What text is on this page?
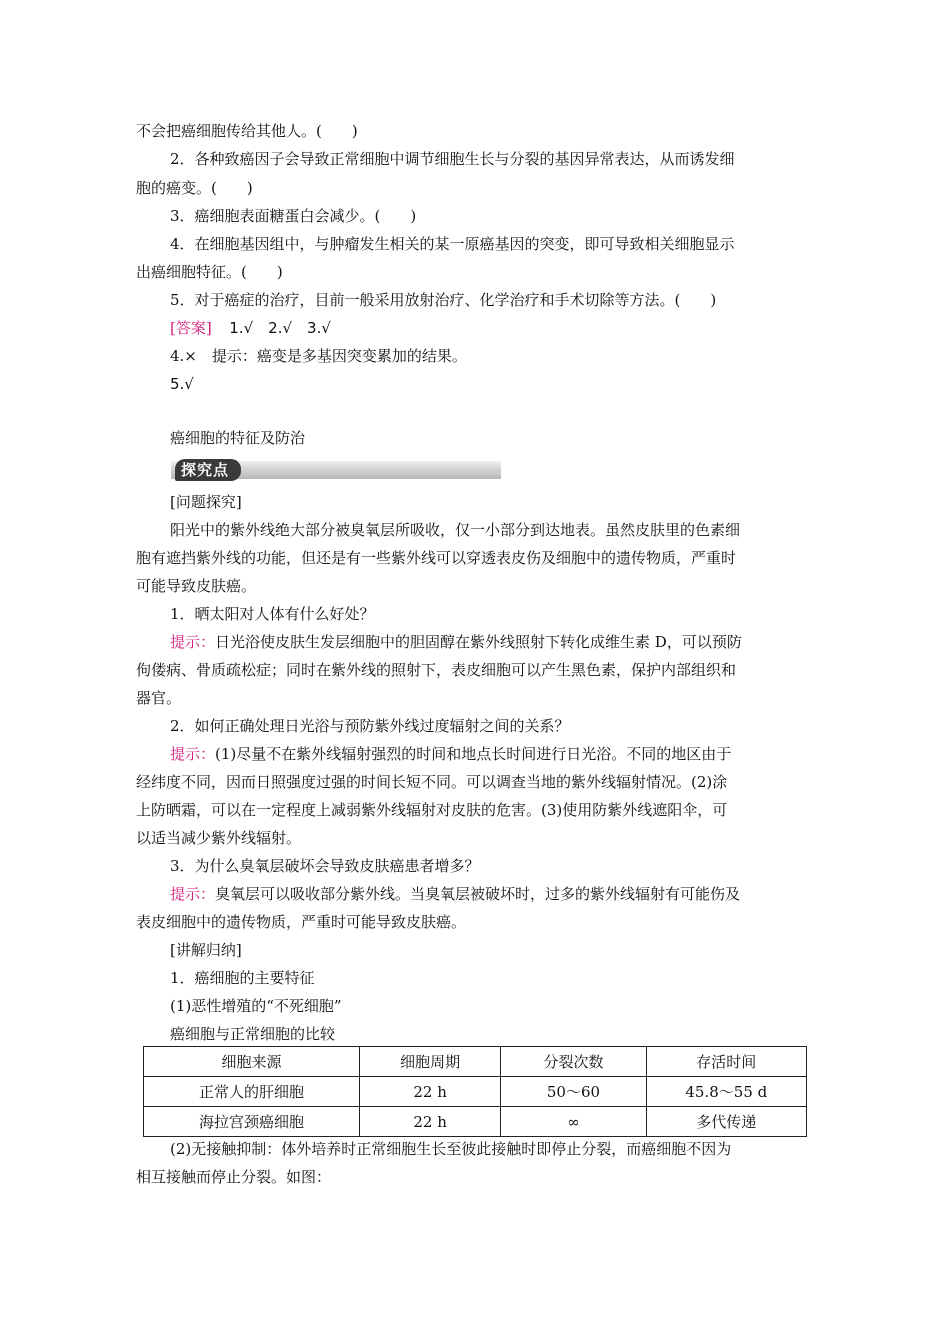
不会把癌细胞传给其他人。(　　)
2．各种致癌因子会导致正常细胞中调节细胞生长与分裂的基因异常表达，从而诱发细
胞的癌变。(　　)
3．癌细胞表面糖蛋白会减少。(　　)
4．在细胞基因组中，与肿瘤发生相关的某一原癌基因的突变，即可导致相关细胞显示
出癌细胞特征。(　　)
5．对于癌症的治疗，目前一般采用放射治疗、化学治疗和手术切除等方法。(　　)
[答案] 1.√　2.√　3.√
4.×　提示：癌变是多基因突变累加的结果。
5.√
癌细胞的特征及防治
探究点
[问题探究]
阳光中的紫外线绝大部分被臭氧层所吸收，仅一小部分到达地表。虽然皮肤里的色素细
胞有遮挡紫外线的功能，但还是有一些紫外线可以穿透表皮伤及细胞中的遗传物质，严重时
可能导致皮肤癌。
1．晒太阳对人体有什么好处？
提示：日光浴使皮肤生发层细胞中的胆固醇在紫外线照射下转化成维生素 D，可以预防
佝偻病、骨质疏松症；同时在紫外线的照射下，表皮细胞可以产生黑色素，保护内部组织和
器官。
2．如何正确处理日光浴与预防紫外线过度辐射之间的关系？
提示：(1)尽量不在紫外线辐射强烈的时间和地点长时间进行日光浴。不同的地区由于
经纬度不同，因而日照强度过强的时间长短不同。可以调查当地的紫外线辐射情况。(2)涂
上防晒霜，可以在一定程度上减弱紫外线辐射对皮肤的危害。(3)使用防紫外线遮阳伞，可
以适当减少紫外线辐射。
3．为什么臭氧层破坏会导致皮肤癌患者增多？
提示：臭氧层可以吸收部分紫外线。当臭氧层被破坏时，过多的紫外线辐射有可能伤及
表皮细胞中的遗传物质，严重时可能导致皮肤癌。
[讲解归纳]
1．癌细胞的主要特征
(1)恶性增殖的“不死细胞”
癌细胞与正常细胞的比较
细胞来源	细胞周期	分裂次数	存活时间
正常人的肝细胞	22 h	50～60	45.8～55 d
海拉宫颈癌细胞	22 h	∞	多代传递
(2)无接触抑制：体外培养时正常细胞生长至彼此接触时即停止分裂，而癌细胞不因为
相互接触而停止分裂。如图：
